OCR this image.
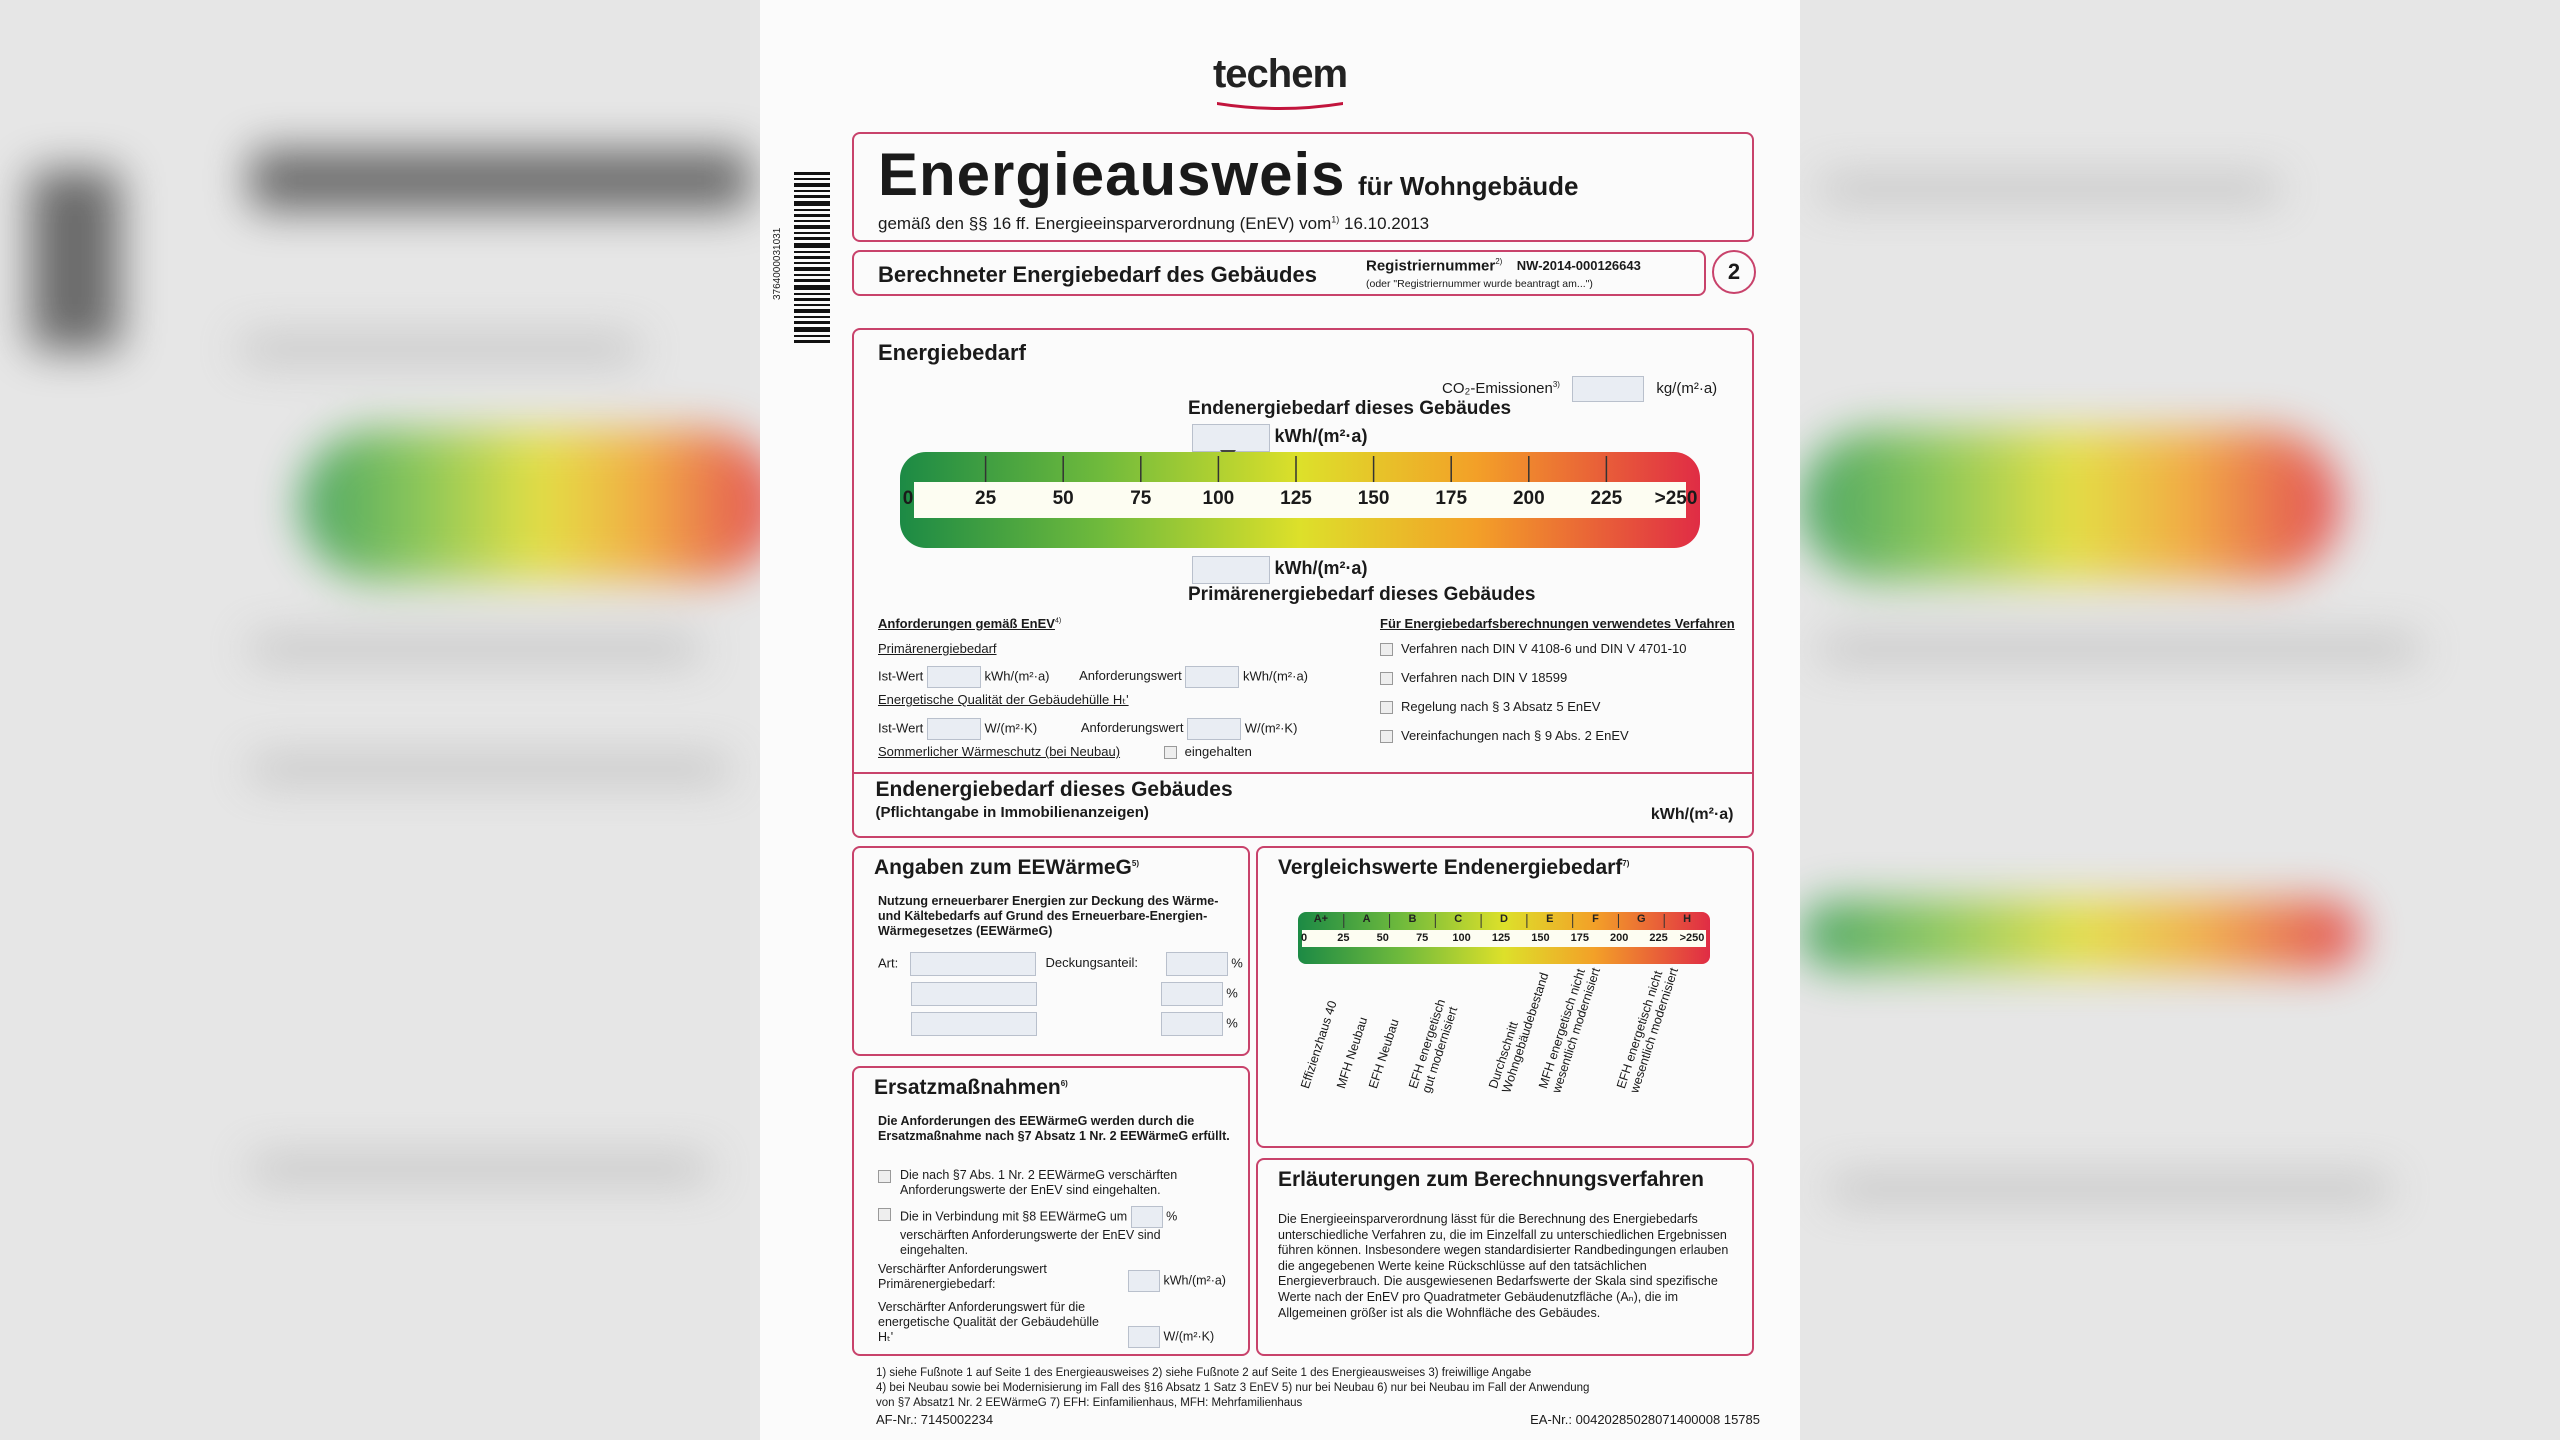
techem
3764000031031
Energieausweis für Wohngebäude
gemäß den §§ 16 ff. Energieeinsparverordnung (EnEV) vom$^{1)}$ 16.10.2013
Berechneter Energiebedarf des Gebäudes	Registriernummer$^{2)}$ NW-2014-000126643
(oder "Registriernummer wurde beantragt am...")	2
Energiebedarf
CO₂-Emissionen$^{3)}$	kg/(m²·a)
Endenergiebedarf dieses Gebäudes
kWh/(m²·a)
0	25	50	75	100 125 150 175 200 225 >250
kWh/(m²·a)
Primärenergiebedarf dieses Gebäudes
Anforderungen gemäß EnEV$^{4)}$
Primärenergiebedarf
Ist-Wert	kWh/(m²·a) Anforderungswert	kWh/(m²·a)
Energetische Qualität der Gebäudehülle Hₜ'
Ist-Wert	W/(m²·K)	Anforderungswert	W/(m²·K)
Sommerlicher Wärmeschutz (bei Neubau)	eingehalten
Für Energiebedarfsberechnungen verwendetes Verfahren
Verfahren nach DIN V 4108-6 und DIN V 4701-10
Verfahren nach DIN V 18599
Regelung nach § 3 Absatz 5 EnEV
Vereinfachungen nach § 9 Abs. 2 EnEV
Endenergiebedarf dieses Gebäudes
(Pflichtangabe in Immobilienanzeigen)	kWh/(m²·a)
Angaben zum EEWärmeG$^{5)}$
Nutzung erneuerbarer Energien zur Deckung des Wärme- und Kältebedarfs auf Grund des Erneuerbare-Energien-Wärmegesetzes (EEWärmeG)
Art:	Deckungsanteil:	%
%
%
Ersatzmaßnahmen$^{6)}$
Die Anforderungen des EEWärmeG werden durch die Ersatzmaßnahme nach §7 Absatz 1 Nr. 2 EEWärmeG erfüllt.
Die nach §7 Abs. 1 Nr. 2 EEWärmeG verschärften Anforderungswerte der EnEV sind eingehalten.
Die in Verbindung mit §8 EEWärmeG um	%
verschärften Anforderungswerte der EnEV sind eingehalten.
Verschärfter Anforderungswert Primärenergiebedarf:	kWh/(m²·a)
Verschärfter Anforderungswert für die energetische Qualität der Gebäudehülle Hₜ'	W/(m²·K)
Vergleichswerte Endenergiebedarf$^{7)}$
A+	A	B	C	D	E	F	G	H
0	25 50 75 100 125 150 175 200 225 >250
Effizienzhaus 40
MFH Neubau
EFH Neubau EFH energetisch
gut modernisiert Durchschnitt
Wohngebäudebestand
MFH energetisch nicht
wesentlich modernisiert EFH energetisch nicht
wesentlich modernisiert
Erläuterungen zum Berechnungsverfahren
Die Energieeinsparverordnung lässt für die Berechnung des Energiebedarfs unterschiedliche Verfahren zu, die im Einzelfall zu unterschiedlichen Ergebnissen führen können. Insbesondere wegen standardisierter Randbedingungen erlauben die angegebenen Werte keine Rückschlüsse auf den tatsächlichen Energieverbrauch. Die ausgewiesenen Bedarfswerte der Skala sind spezifische Werte nach der EnEV pro Quadratmeter Gebäudenutzfläche (Aₙ), die im Allgemeinen größer ist als die Wohnfläche des Gebäudes.
1) siehe Fußnote 1 auf Seite 1 des Energieausweises 2) siehe Fußnote 2 auf Seite 1 des Energieausweises 3) freiwillige Angabe
4) bei Neubau sowie bei Modernisierung im Fall des §16 Absatz 1 Satz 3 EnEV 5) nur bei Neubau 6) nur bei Neubau im Fall der Anwendung
von §7 Absatz1 Nr. 2 EEWärmeG 7) EFH: Einfamilienhaus, MFH: Mehrfamilienhaus
AF-Nr.: 7145002234	EA-Nr.: 00420285028071400008 15785
